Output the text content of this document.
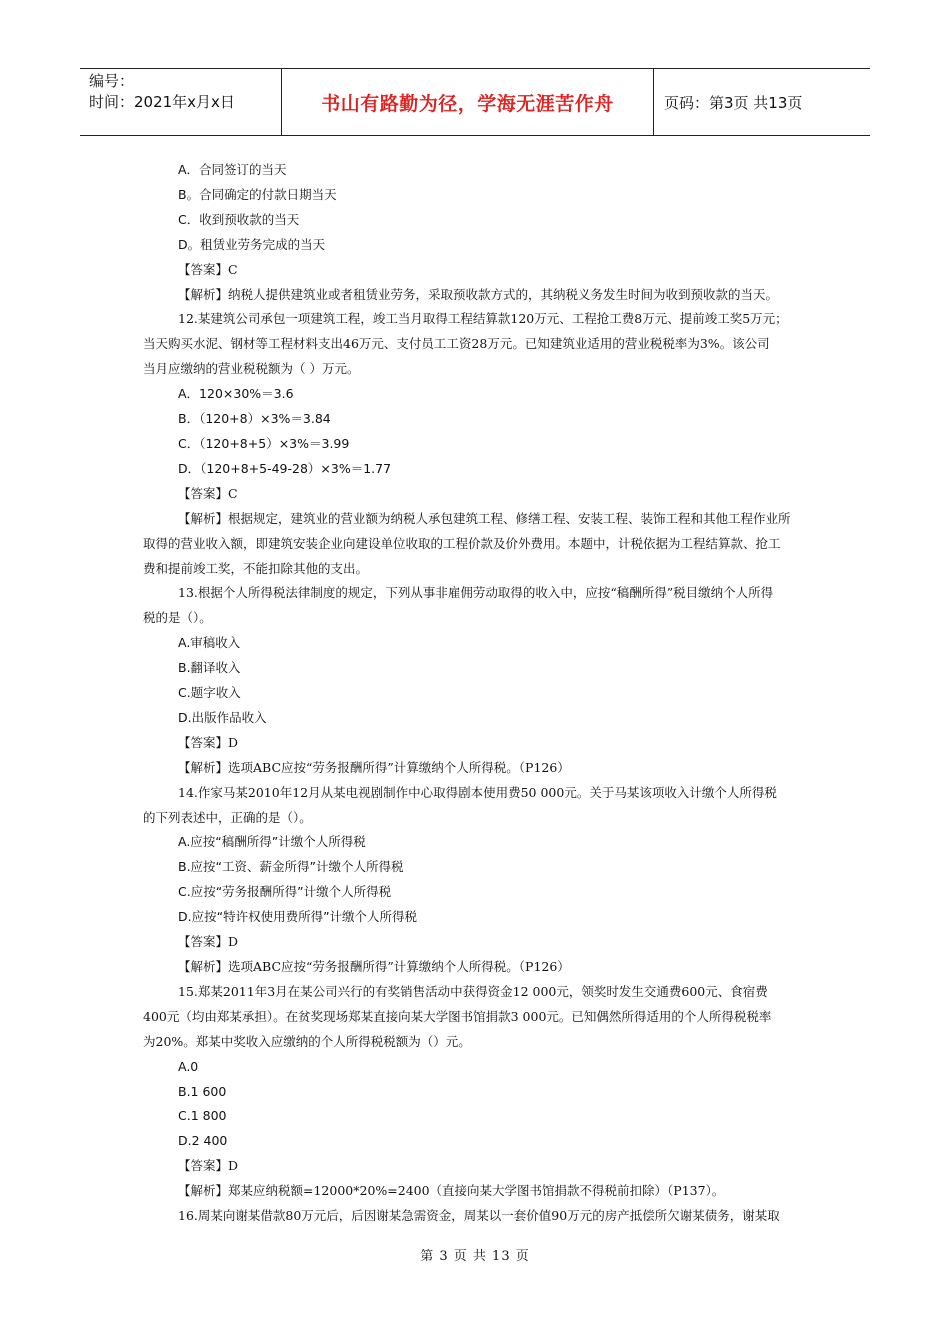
编号：
时间：2021年x月x日	书山有路勤为径，学海无涯苦作舟	页码：第3页 共13页

A．合同签订的当天

B。合同确定的付款日期当天

C．收到预收款的当天

D。租赁业劳务完成的当天

【答案】C

【解析】纳税人提供建筑业或者租赁业劳务，采取预收款方式的，其纳税义务发生时间为收到预收款的当天。

12.某建筑公司承包一项建筑工程，竣工当月取得工程结算款120万元、工程抢工费8万元、提前竣工奖5万元；

当天购买水泥、钢材等工程材料支出46万元、支付员工工资28万元。已知建筑业适用的营业税税率为3%。该公司

当月应缴纳的营业税税额为（ ）万元。

A．120×30%＝3.6

B．（120+8）×3%＝3.84

C．（120+8+5）×3%＝3.99

D．（120+8+5-49-28）×3%＝1.77

【答案】C

【解析】根据规定，建筑业的营业额为纳税人承包建筑工程、修缮工程、安装工程、装饰工程和其他工程作业所

取得的营业收入额，即建筑安装企业向建设单位收取的工程价款及价外费用。本题中，计税依据为工程结算款、抢工

费和提前竣工奖，不能扣除其他的支出。

13.根据个人所得税法律制度的规定，下列从事非雇佣劳动取得的收入中，应按“稿酬所得”税目缴纳个人所得

税的是（）。

A.审稿收入

B.翻译收入

C.题字收入

D.出版作品收入

【答案】D

【解析】选项ABC应按“劳务报酬所得”计算缴纳个人所得税。（P126）

14.作家马某2010年12月从某电视剧制作中心取得剧本使用费50 000元。关于马某该项收入计缴个人所得税

的下列表述中，正确的是（）。

A.应按“稿酬所得”计缴个人所得税

B.应按“工资、薪金所得”计缴个人所得税

C.应按“劳务报酬所得”计缴个人所得税

D.应按“特许权使用费所得”计缴个人所得税

【答案】D

【解析】选项ABC应按“劳务报酬所得”计算缴纳个人所得税。（P126）

15.郑某2011年3月在某公司兴行的有奖销售活动中获得资金12 000元，领奖时发生交通费600元、食宿费

400元（均由郑某承担）。在贫奖现场郑某直接向某大学图书馆捐款3 000元。已知偶然所得适用的个人所得税税率

为20%。郑某中奖收入应缴纳的个人所得税税额为（）元。

A.0

B.1 600

C.1 800

D.2 400

【答案】D

【解析】郑某应纳税额=12000*20%=2400（直接向某大学图书馆捐款不得税前扣除）（P137）。

16.周某向谢某借款80万元后，后因谢某急需资金，周某以一套价值90万元的房产抵偿所欠谢某债务，谢某取

第 3 页 共 13 页
